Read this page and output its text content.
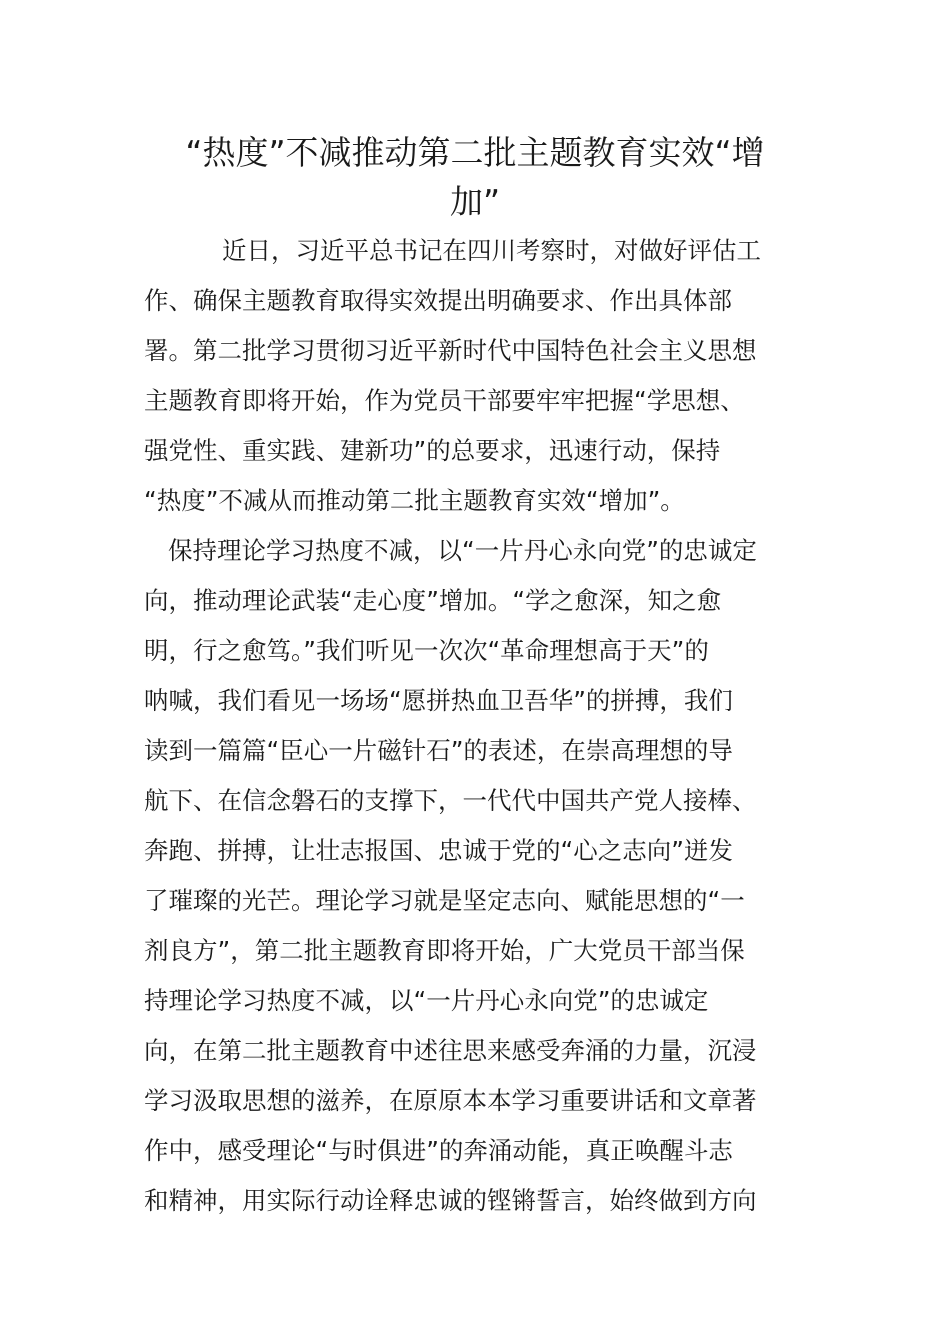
“热度”不减推动第二批主题教育实效“增
加”

近日，习近平总书记在四川考察时，对做好评估工

作、确保主题教育取得实效提出明确要求、作出具体部

署。第二批学习贯彻习近平新时代中国特色社会主义思想

主题教育即将开始，作为党员干部要牢牢把握“学思想、

强党性、重实践、建新功”的总要求，迅速行动，保持

“热度”不减从而推动第二批主题教育实效“增加”。

保持理论学习热度不减，以“一片丹心永向党”的忠诚定

向，推动理论武装“走心度”增加。“学之愈深，知之愈

明，行之愈笃。”我们听见一次次“革命理想高于天”的

呐喊，我们看见一场场“愿拼热血卫吾华”的拼搏，我们

读到一篇篇“臣心一片磁针石”的表述，在崇高理想的导

航下、在信念磐石的支撑下，一代代中国共产党人接棒、

奔跑、拼搏，让壮志报国、忠诚于党的“心之志向”迸发

了璀璨的光芒。理论学习就是坚定志向、赋能思想的“一

剂良方”，第二批主题教育即将开始，广大党员干部当保

持理论学习热度不减，以“一片丹心永向党”的忠诚定

向，在第二批主题教育中述往思来感受奔涌的力量，沉浸

学习汲取思想的滋养，在原原本本学习重要讲话和文章著

作中，感受理论“与时俱进”的奔涌动能，真正唤醒斗志

和精神，用实际行动诠释忠诚的铿锵誓言，始终做到方向
